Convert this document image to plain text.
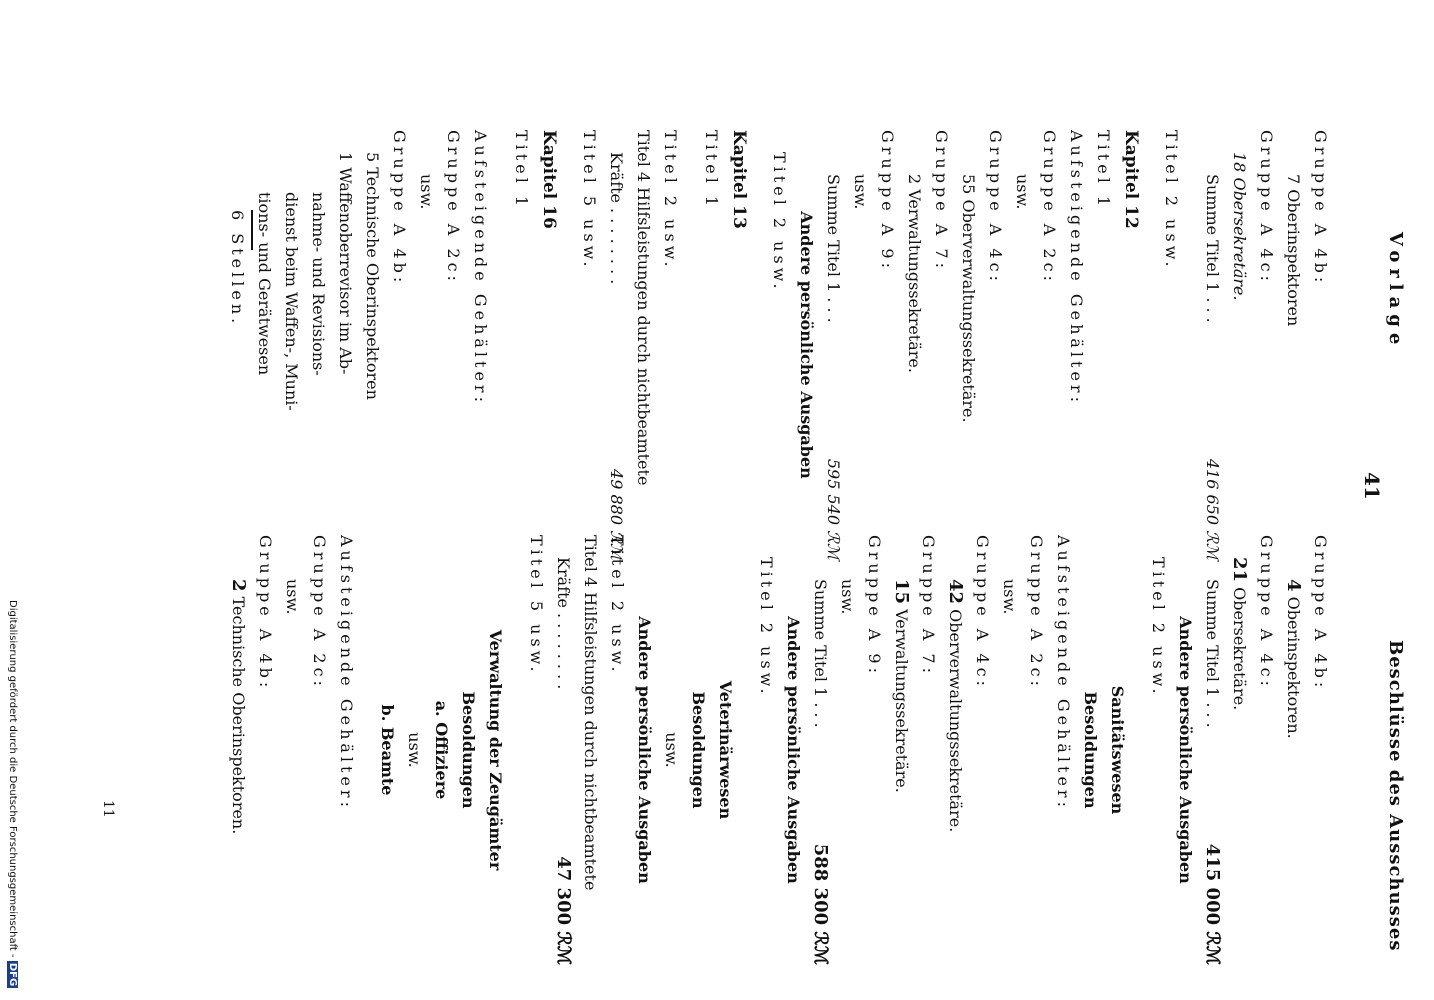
Vorlage
41
Beschlüsse des Ausschusses
Gruppe A 4b:
7 Oberinspektoren
Gruppe A 4c:
18 Obersekretäre.
Summe Titel 1 . . .
416 650 ℛℳ
Titel 2 usw.
Kapitel 12
Titel 1
Aufsteigende Gehälter:
Gruppe A 2c:
usw.
Gruppe A 4c:
55 Oberverwaltungssekretäre.
Gruppe A 7:
2 Verwaltungssekretäre.
Gruppe A 9:
usw.
Summe Titel 1 . . .
595 540 ℛℳ
Andere persönliche Ausgaben
Titel 2 usw.
Kapitel 13
Titel 1
Titel 2 usw.
Titel 4 Hilfsleistungen durch nichtbeamtete
Kräfte . . . . . . . .
49 880 ℛℳ
Titel 5 usw.
Kapitel 16
Titel 1
Aufsteigende Gehälter:
Gruppe A 2c:
usw.
Gruppe A 4b:
5 Technische Oberinspektoren
1 Waffenoberrevisor im Ab-
nahme- und Revisions-
dienst beim Waffen-, Muni-
tions- und Gerätwesen
6 Stellen.
Gruppe A 4b:
4 Oberinspektoren.
Gruppe A 4c:
21 Obersekretäre.
Summe Titel 1 . . .
415 000 ℛℳ
Andere persönliche Ausgaben
Titel 2 usw.
Sanitätswesen
Besoldungen
Aufsteigende Gehälter:
Gruppe A 2c:
usw.
Gruppe A 4c:
42 Oberverwaltungssekretäre.
Gruppe A 7:
15 Verwaltungssekretäre.
Gruppe A 9:
usw.
Summe Titel 1 . . .
588 300 ℛℳ
Andere persönliche Ausgaben
Titel 2 usw.
Veterinärwesen
Besoldungen
usw.
Andere persönliche Ausgaben
Titel 2 usw.
Titel 4 Hilfsleistungen durch nichtbeamtete
Kräfte . . . . . . . .
47 300 ℛℳ
Titel 5 usw.
Verwaltung der Zeugämter
Besoldungen
a. Offiziere
usw.
b. Beamte
Aufsteigende Gehälter:
Gruppe A 2c:
usw.
Gruppe A 4b:
2 Technische Oberinspektoren.
11
Digitalisierung gefördert durch die Deutsche Forschungsgemeinschaft - DFG
